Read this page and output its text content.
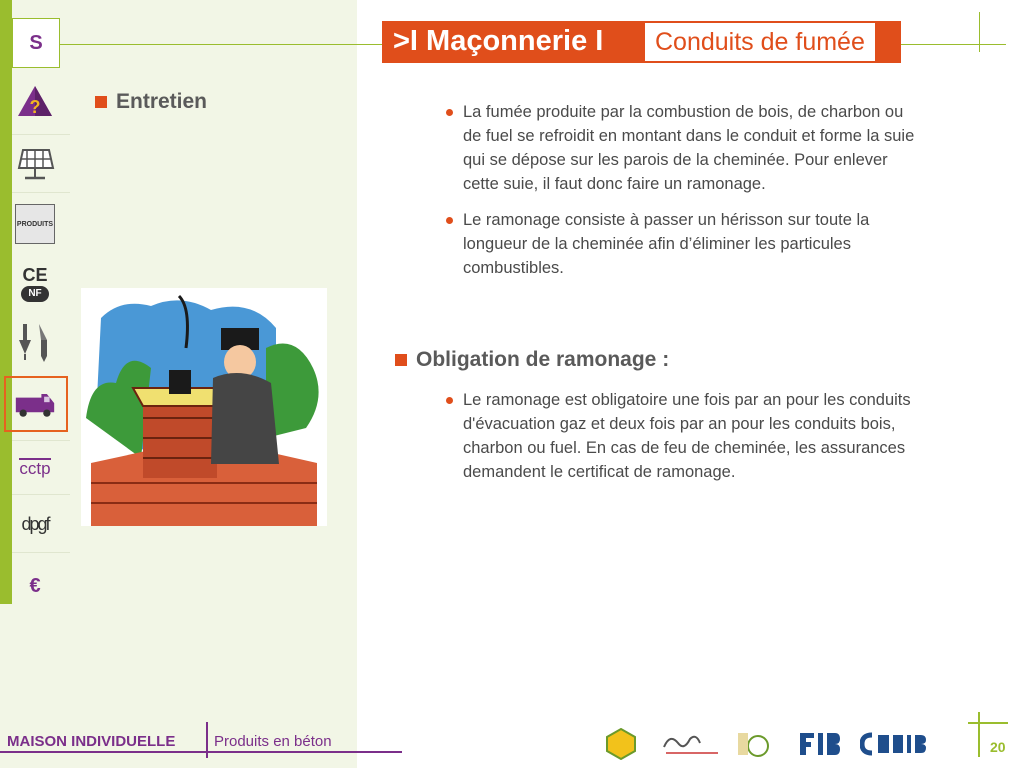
S
?
PRODUITS
CE
NF
cctp
dpgf
€
>I Maçonnerie I	Conduits de fumée
Entretien	La fumée produite par la combustion de bois, de charbon ou de fuel se refroidit en montant dans le conduit et forme la suie qui se dépose sur les parois de la cheminée. Pour enlever cette suie, il faut donc faire un ramonage.
Le ramonage consiste à passer un hérisson sur toute la longueur de la cheminée afin d’éliminer les particules combustibles.
Obligation de ramonage :
Le ramonage est obligatoire une fois par an pour les conduits d'évacuation gaz et deux fois par an pour les conduits bois, charbon ou fuel. En cas de feu de cheminée, les assurances demandent le certificat de ramonage.
MAISON INDIVIDUELLE	Produits en béton	20
